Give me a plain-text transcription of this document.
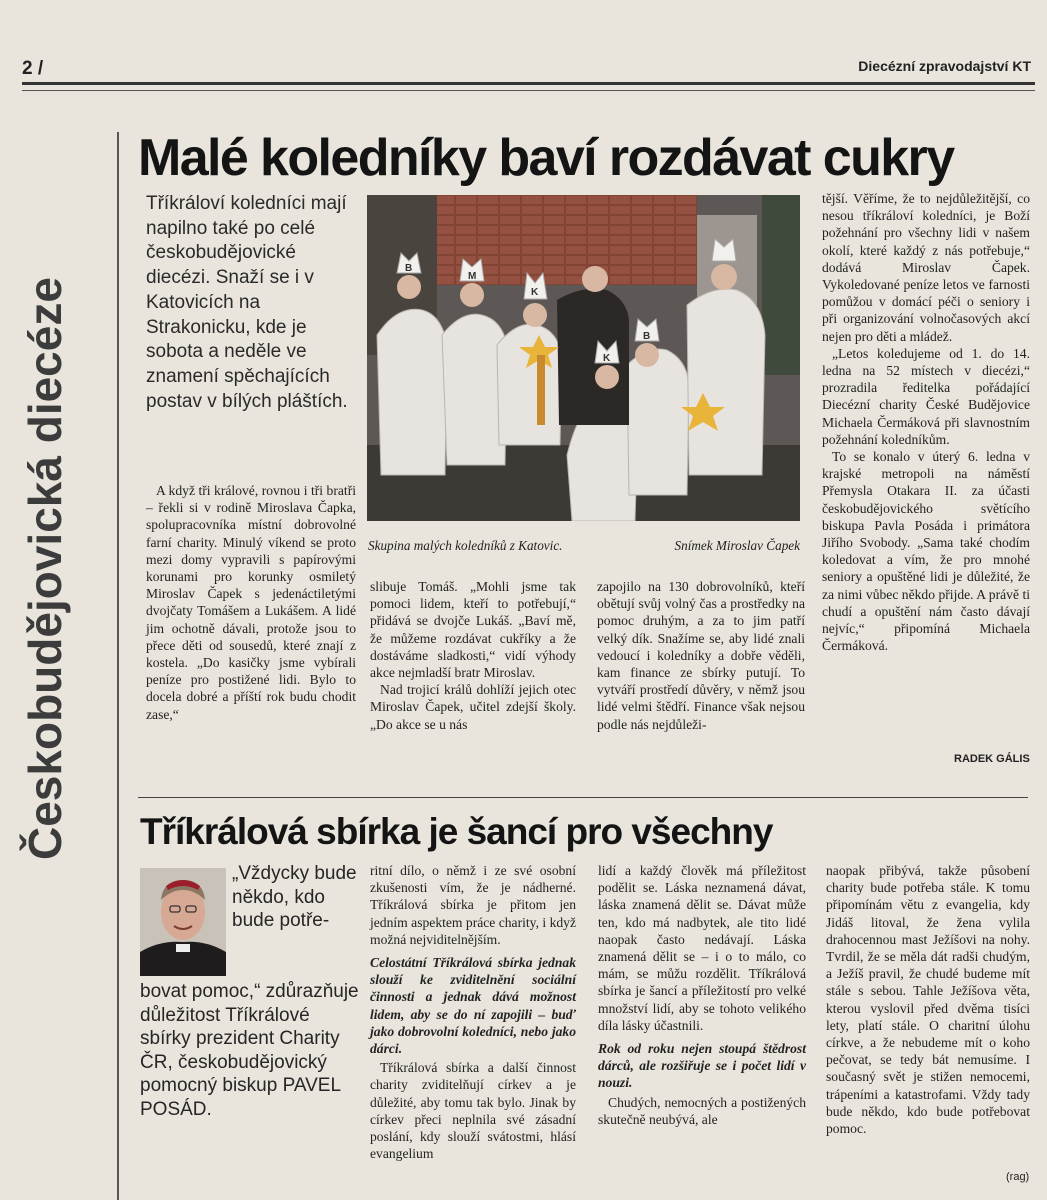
2 /	Diecézní zpravodajství KT
Českobudějovická diecéze
Malé koledníky baví rozdávat cukry
Tříkráloví koledníci mají napilno také po celé českobudějovické diecézi. Snaží se i v Katovicích na Strakonicku, kde je sobota a neděle ve znamení spěchajících postav v bílých pláštích.
B
M
K
K
B
Skupina malých koledníků z Katovic.	Snímek Miroslav Čapek

A když tři králové, rovnou i tři bratři – řekli si v rodině Miroslava Čapka, spolupracovníka místní dobrovolné farní charity. Minulý víkend se proto mezi domy vypravili s papírovými korunami pro korunky osmiletý Miroslav Čapek s jedenáctiletými dvojčaty Tomášem a Lukášem. A lidé jim ochotně dávali, protože jsou to přece děti od sousedů, které znají z kostela. „Do kasičky jsme vybírali peníze pro postižené lidi. Bylo to docela dobré a příští rok budu chodit zase,“

slibuje Tomáš. „Mohli jsme tak pomoci lidem, kteří to potřebují,“ přidává se dvojče Lukáš. „Baví mě, že můžeme rozdávat cukříky a že dostáváme sladkosti,“ vidí výhody akce nejmladší bratr Miroslav.

Nad trojicí králů dohlíží jejich otec Miroslav Čapek, učitel zdejší školy. „Do akce se u nás

zapojilo na 130 dobrovolníků, kteří obětují svůj volný čas a prostředky na pomoc druhým, a za to jim patří velký dík. Snažíme se, aby lidé znali vedoucí i koledníky a dobře věděli, kam finance ze sbírky putují. To vytváří prostředí důvěry, v němž jsou lidé velmi štědří. Finance však nejsou podle nás nejdůleži-

tější. Věříme, že to nejdůležitější, co nesou tříkráloví koledníci, je Boží požehnání pro všechny lidi v našem okolí, které každý z nás potřebuje,“ dodává Miroslav Čapek. Vykoledované peníze letos ve farnosti pomůžou v domácí péči o seniory i při organizování volnočasových akcí nejen pro děti a mládež.

„Letos koledujeme od 1. do 14. ledna na 52 místech v diecézi,“ prozradila ředitelka pořádající Diecézní charity České Budějovice Michaela Čermáková při slavnostním požehnání koledníkům.

To se konalo v úterý 6. ledna v krajské metropoli na náměstí Přemysla Otakara II. za účasti českobudějovického světícího biskupa Pavla Posáda i primátora Jiřího Svobody. „Sama také chodím koledovat a vím, že pro mnohé seniory a opuštěné lidi je důležité, že za nimi vůbec někdo přijde. A právě ti chudí a opuštění nám často dávají nejvíc,“ připomíná Michaela Čermáková.

RADEK GÁLIS
Tříkrálová sbírka je šancí pro všechny
„Vždycky bude někdo, kdo bude potře-
bovat pomoc,“ zdůrazňuje důležitost Tříkrálové sbírky prezident Charity ČR, českobudějovický pomocný biskup PAVEL POSÁD.

ritní dílo, o němž i ze své osobní zkušenosti vím, že je nádherné. Tříkrálová sbírka je přitom jen jedním aspektem práce charity, i když možná nejviditelnějším.

Celostátní Tříkrálová sbírka jednak slouží ke zviditelnění sociální činnosti a jednak dává možnost lidem, aby se do ní zapojili – buď jako dobrovolní koledníci, nebo jako dárci.

Tříkrálová sbírka a další činnost charity zviditelňují církev a je důležité, aby tomu tak bylo. Jinak by církev přeci neplnila své zásadní poslání, kdy slouží svátostmi, hlásí evangelium

lidí a každý člověk má příležitost podělit se. Láska neznamená dávat, láska znamená dělit se. Dávat může ten, kdo má nadbytek, ale tito lidé naopak často nedávají. Láska znamená dělit se – i o to málo, co mám, se můžu rozdělit. Tříkrálová sbírka je šancí a příležitostí pro velké množství lidí, aby se tohoto velikého díla lásky účastnili.

Rok od roku nejen stoupá štědrost dárců, ale rozšiřuje se i počet lidí v nouzi.

Chudých, nemocných a postižených skutečně neubývá, ale

naopak přibývá, takže působení charity bude potřeba stále. K tomu připomínám větu z evangelia, kdy Jidáš litoval, že žena vylila drahocennou mast Ježíšovi na nohy. Tvrdil, že se měla dát radši chudým, a Ježíš pravil, že chudé budeme mít stále s sebou. Tahle Ježíšova věta, kterou vyslovil před dvěma tisíci lety, platí stále. O charitní úlohu církve, a že nebudeme mít o koho pečovat, se tedy bát nemusíme. I současný svět je stižen nemocemi, trápeními a katastrofami. Vždy tady bude někdo, kdo bude potřebovat pomoc.

(rag)
